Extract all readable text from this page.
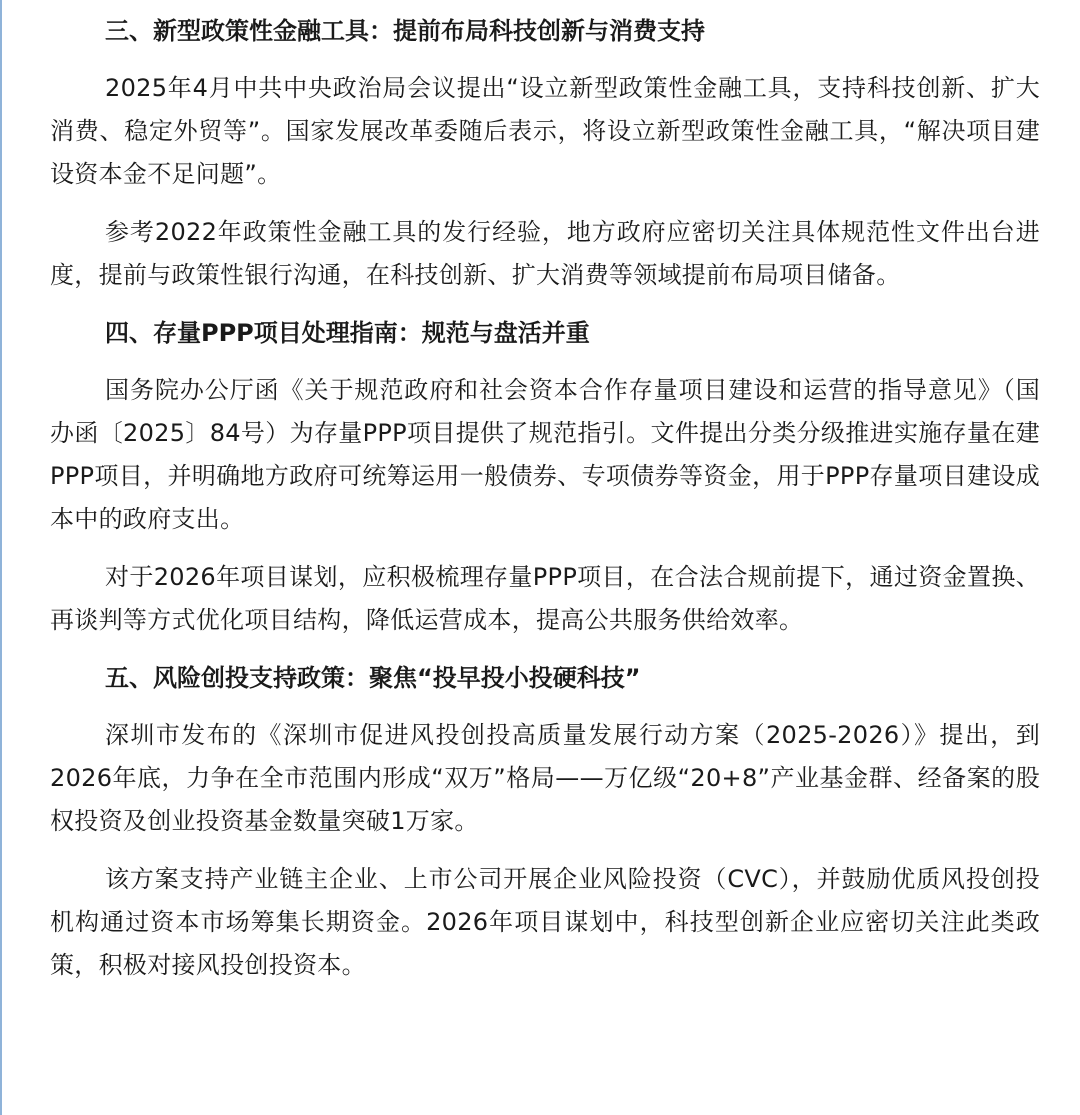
三、新型政策性金融工具：提前布局科技创新与消费支持

2025年4月中共中央政治局会议提出“设立新型政策性金融工具，支持科技创新、扩大消费、稳定外贸等”。国家发展改革委随后表示，将设立新型政策性金融工具，“解决项目建设资本金不足问题”。

参考2022年政策性金融工具的发行经验，地方政府应密切关注具体规范性文件出台进度，提前与政策性银行沟通，在科技创新、扩大消费等领域提前布局项目储备。

四、存量PPP项目处理指南：规范与盘活并重

国务院办公厅函《关于规范政府和社会资本合作存量项目建设和运营的指导意见》（国办函〔2025〕84号）为存量PPP项目提供了规范指引。文件提出分类分级推进实施存量在建PPP项目，并明确地方政府可统筹运用一般债券、专项债券等资金，用于PPP存量项目建设成本中的政府支出。

对于2026年项目谋划，应积极梳理存量PPP项目，在合法合规前提下，通过资金置换、再谈判等方式优化项目结构，降低运营成本，提高公共服务供给效率。

五、风险创投支持政策：聚焦“投早投小投硬科技”

深圳市发布的《深圳市促进风投创投高质量发展行动方案（2025-2026）》提出，到2026年底，力争在全市范围内形成“双万”格局——万亿级“20+8”产业基金群、经备案的股权投资及创业投资基金数量突破1万家。

该方案支持产业链主企业、上市公司开展企业风险投资（CVC），并鼓励优质风投创投机构通过资本市场筹集长期资金。2026年项目谋划中，科技型创新企业应密切关注此类政策，积极对接风投创投资本。
